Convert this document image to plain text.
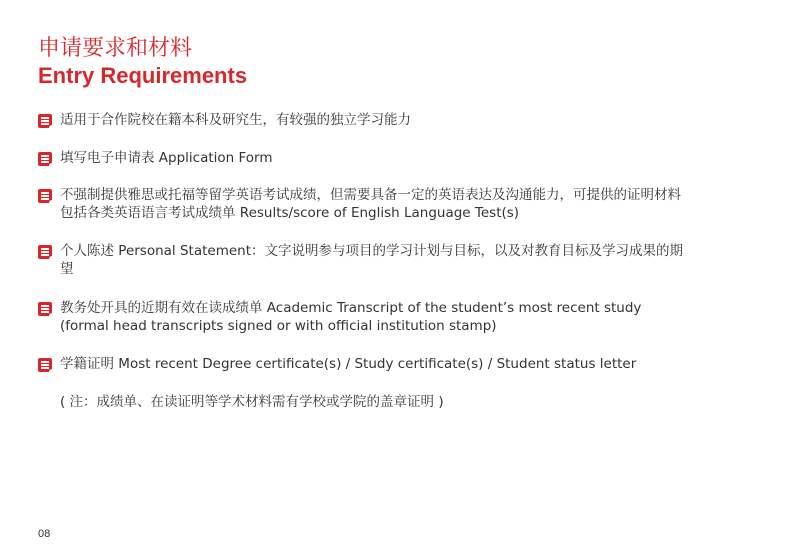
申请要求和材料
Entry Requirements
适用于合作院校在籍本科及研究生，有较强的独立学习能力
填写电子申请表 Application Form
不强制提供雅思或托福等留学英语考试成绩，但需要具备一定的英语表达及沟通能力，可提供的证明材料包括各类英语语言考试成绩单 Results/score of English Language Test(s)
个人陈述 Personal Statement：文字说明参与项目的学习计划与目标，以及对教育目标及学习成果的期望
教务处开具的近期有效在读成绩单 Academic Transcript of the student’s most recent study (formal head transcripts signed or with official institution stamp)
学籍证明 Most recent Degree certificate(s) / Study certificate(s) / Student status letter
( 注：成绩单、在读证明等学术材料需有学校或学院的盖章证明 )
08
